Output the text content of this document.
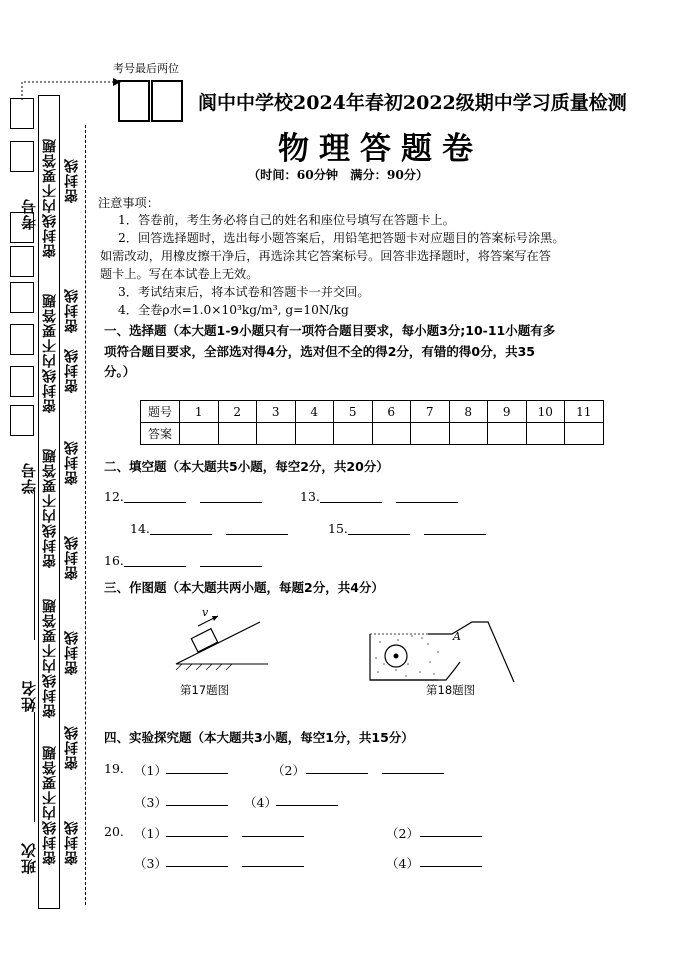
考号
学号
姓名
班次
密封线内不要答题
密封线内不要答题
密封线内不要答题
密封线内不要答题
密封线内不要答题
密封线
密封线
密封线
密封线
密封线
密封线
密封线
密封线
考号最后两位
阆中中学校2024年春初2022级期中学习质量检测
物理答题卷
（时间：60分钟　满分：90分）
注意事项：
1．答卷前，考生务必将自己的姓名和座位号填写在答题卡上。
2．回答选择题时，选出每小题答案后，用铅笔把答题卡对应题目的答案标号涂黑。
如需改动，用橡皮擦干净后，再选涂其它答案标号。回答非选择题时，将答案写在答
题卡上。写在本试卷上无效。
3．考试结束后，将本试卷和答题卡一并交回。
4．全卷ρ水=1.0×10³kg/m³, g=10N/kg
一、选择题（本大题1-9小题只有一项符合题目要求，每小题3分;10-11小题有多
项符合题目要求，全部选对得4分，选对但不全的得2分，有错的得0分，共35
分。）
题号	1	2	3	4	5	6	7	8	9	10	11
答案											
二、填空题（本大题共5小题，每空2分，共20分）
12.	13.
14.	15.
16.
三、作图题（本大题共两小题，每题2分，共4分）
v
第17题图
A
第18题图
四、实验探究题（本大题共3小题，每空1分，共15分）
19. （1）	（2）
（3）	（4）
20. （1）	（2）
（3）	（4）
